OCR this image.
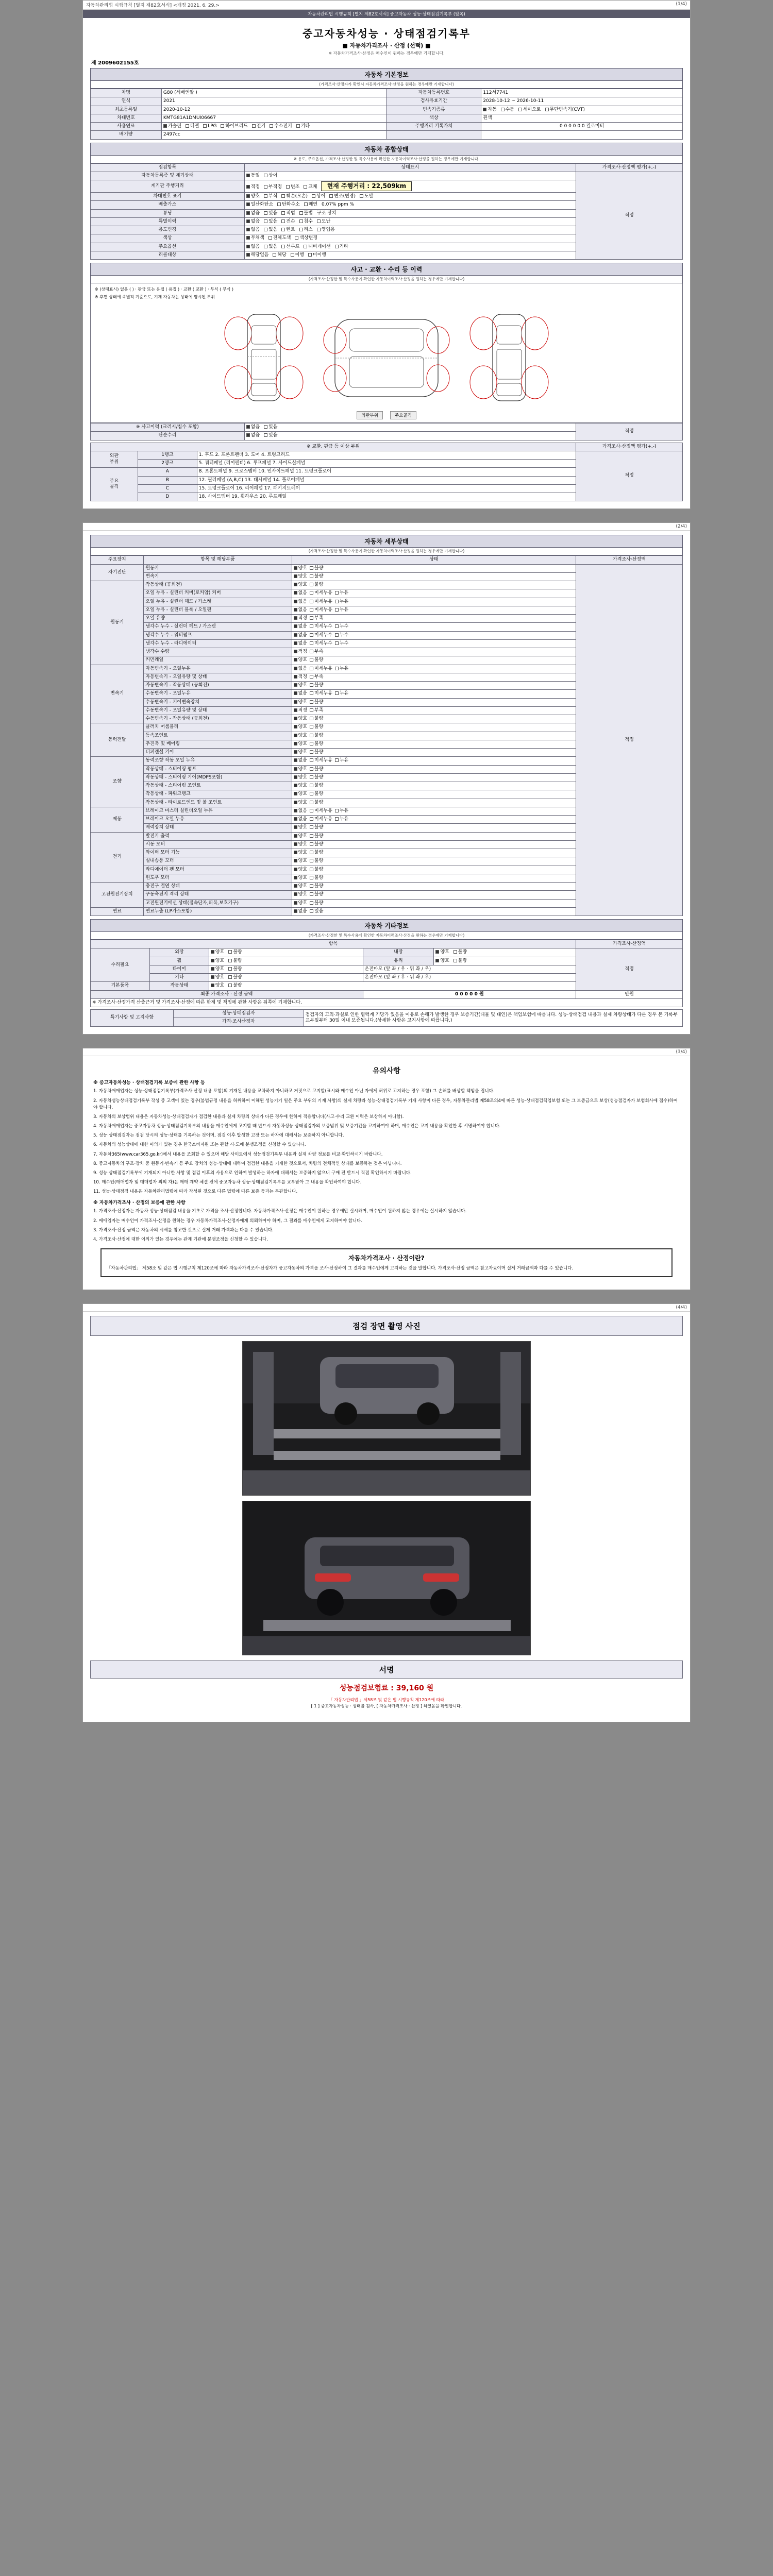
자동차관리법 시행규칙 [별지 제82호서식] <개정 2021. 6. 29.>	(1/4)
자동차관리법 시행규칙 [별지 제82호서식] 중고자동차 성능·상태점검기록부 (앞쪽)
중고자동차성능 · 상태점검기록부
■ 자동차가격조사 · 산정 (선택) ■
※ 자동차가격조사·산정은 매수인이 원하는 경우에만 기재합니다.
제 2009602155호
자동차 기본정보
(가격조사·산정자가 확인시 자동차가격조사·산정을 원하는 경우에만 기재합니다)
차명	G80 (세배엔알 )	자동차등록번호	112서7741
연식	2021	검사유효기간	2028-10-12 ~ 2026-10-11
최초등록일	2020-10-12	변속기종류	자동 수동 세미오토 무단변속기(CVT)
차대번호	KMTG81A1DMUI06667	색상	흰색
사용연료	가솔린 디젤 LPG 하이브리드 전기 수소전기 기타	주행거리 기록가치	0 0 0 0 0 0 킬로미터
배기량	2497cc		
자동차 종합상태
※ 용도, 주요옵션, 가격조사·산정한 및 특수사용에 확인한 자동차이력조사·산정을 원하는 경우에만 기재합니다.
점검항목	상태표시	가격조사·산정액 평가(+,-)
자동차등록증 및 계기상태	동일 상이	적정
계기판 주행거리	적정 부적정 변조 교체 현재 주행거리 : 22,509km	
차대번호 표기	양호 부식 훼손(오손) 상이 변조(변경) 도말	
배출가스	일산화탄소 탄화수소 매연 0.07% ppm %	
튜닝	없음 있음 적법 불법 구조 장치	
특별이력	없음 있음 전손 침수 도난	
용도변경	없음 있음 렌트 리스 영업용	
색상	무채색 전체도색 색상변경	
주요옵션	없음 있음 선루프 내비게이션 기타	
리콜대상	해당없음 해당 이행 미이행	
사고 · 교환 · 수리 등 이력
(가격조사·산정한 및 특수사용에 확인한 자동차이력조사·산정을 원하는 경우에만 기재합니다)
※ (상태표시) 없음 ( ) · 판금 또는 용접 ( 용접 ) · 교환 ( 교환 ) · 부식 ( 부식 )
※ 후면 상태에 속별적 기준으로, 기재 자동차는 상태에 명시된 부위
외판부위	주요골격
※ 사고이력 (크러시/침수 포함)	없음 있음	적정
단순수리	없음 있음	
※ 교환, 판금 등 이상 부위			가격조사·산정액 평가(+,-)
외판
부위	1랭크	1. 후드 2. 프론트펜더 3. 도어 4. 트렁크리드	적정
	2랭크	5. 쿼터패널 (리어펜더) 6. 루프패널 7. 사이드실패널	
주요
골격	A	8. 프론트패널 9. 크로스멤버 10. 인사이드패널 11. 트렁크플로어	
	B	12. 필러패널 (A,B,C) 13. 대시패널 14. 플로어패널	
	C	15. 트렁크플로어 16. 리어패널 17. 패키지트레이	
	D	18. 사이드멤버 19. 휠하우스 20. 루프레일	
(2/4)
자동차 세부상태
(가격조사·산정한 및 특수사용에 확인한 자동차이력조사·산정을 원하는 경우에만 기재합니다)
주요장치	항목 및 해당부품	상태	가격조사·산정액
자기진단	원동기	양호 불량	적정
	변속기	양호 불량	
원동기	작동상태 (공회전)	양호 불량	
	오일 누유 - 실린더 커버(로커암) 커버	없음 미세누유 누유	
	오일 누유 - 실린더 헤드 / 가스켓	없음 미세누유 누유	
	오일 누유 - 실린더 블록 / 오일팬	없음 미세누유 누유	
	오일 유량	적정 부족	
	냉각수 누수 - 실린더 헤드 / 가스켓	없음 미세누수 누수	
	냉각수 누수 - 워터펌프	없음 미세누수 누수	
	냉각수 누수 - 라디에이터	없음 미세누수 누수	
	냉각수 수량	적정 부족	
	커먼레일	양호 불량	
변속기	자동변속기 - 오일누유	없음 미세누유 누유	
	자동변속기 - 오일유량 및 상태	적정 부족	
	자동변속기 - 작동상태 (공회전)	양호 불량	
	수동변속기 - 오일누유	없음 미세누유 누유	
	수동변속기 - 기어변속장치	양호 불량	
	수동변속기 - 오일유량 및 상태	적정 부족	
	수동변속기 - 작동상태 (공회전)	양호 불량	
동력전달	클러치 어셈블리	양호 불량	
	등속조인트	양호 불량	
	추진축 및 베어링	양호 불량	
	디퍼렌셜 기어	양호 불량	
조향	동력조향 작동 오일 누유	없음 미세누유 누유	
	작동상태 - 스티어링 펌프	양호 불량	
	작동상태 - 스티어링 기어(MDPS포함)	양호 불량	
	작동상태 - 스티어링 조인트	양호 불량	
	작동상태 - 파워크랭크	양호 불량	
	작동상태 - 타이로드엔드 및 볼 조인트	양호 불량	
제동	브레이크 마스터 실린더오일 누유	없음 미세누유 누유	
	브레이크 오일 누유	없음 미세누유 누유	
	배력장치 상태	양호 불량	
전기	발전기 출력	양호 불량	
	시동 모터	양호 불량	
	와이퍼 모터 기능	양호 불량	
	실내송풍 모터	양호 불량	
	라디에이터 팬 모터	양호 불량	
	윈도우 모터	양호 불량	
고전원전기장치	충전구 절연 상태	양호 불량	
	구동축전지 격리 상태	양호 불량	
	고전원전기배선 상태(접속단자,피복,보호기구)	양호 불량	
연료	연료누출 (LP가스포함)	없음 있음	
자동차 기타정보
(가격조사·산정한 및 특수사용에 확인한 자동차이력조사·산정을 원하는 경우에만 기재합니다)
항목					가격조사·산정액
수리필요	외장	양호 불량	내장	양호 불량	적정
	휠	양호 불량	유리	양호 불량	
	타이어	양호 불량	온전마모 (앞 좌 / 우 · 뒤 좌 / 우)		
	기타	양호 불량	온전마모 (앞 좌 / 우 · 뒤 좌 / 우)		
기본품목	작동상태	양호 불량			
최종 가격조사 · 산정 금액			0 0 0 0 0 원		만원
※ 가격조사·산정가격 산출근거 및 가격조사·산정에 따른 한계 및 책임에 관한 사항은 뒤쪽에 기재합니다.					
특기사항 및 고지사항	성능·상태점검자	점검자의 고의·과실로 인한 협력계 기망가 있음을 이유로 손해가 발생한 경우 보증기간(대물 및 대인)은 책임보험에 따릅니다. 성능·상태점검 내용과 실제 차량상태가 다른 경우 본 기록부 교부일부터 30일 이내 보증됩니다.(상세한 사항은 고지사항에 따릅니다.)
가격·조사산정자
(3/4)
유의사항
※ 중고자동차성능 · 상태점검기록 보증에 관한 사항 등

1. 자동차매매업자는 성능·상태점검기록부(가격조사·산정 내용 포함)의 기재된 내용을 교차하지 아니하고 거짓으로 고지할(표시와 매수인 아닌 자에게 허위로 고지하는 경우 포함) 그 손해를 배상할 책임을 집니다.

2. 자동차성능상태점검기록부 작성 중 고객이 있는 경우(불법규정 내용을 허위하여 이해된 성능기기 일은 주요 부위의 기재 사항)의 실제 차량과 성능·상태점검기록부 기재 사항이 다른 경우, 자동차관리법 제58조의4에 따른 성능·상태점검책임보험 또는 그 보증금으로 보상(성능점검자가 보험회사에 접수)하여야 합니다.

3. 자동차의 보상범위 내용은 자동차성능·상태점검자가 점검한 내용과 실제 차량의 상태가 다른 경우에 한하여 적용합니다(사고·수리·교환 이력은 보상하지 아니함).

4. 자동차매매업자는 중고자동차 성능·상태점검기록부의 내용을 매수인에게 고지할 때 반드시 자동차성능·상태점검자의 보증범위 및 보증기간을 고지하여야 하며, 매수인은 고지 내용을 확인한 후 서명하여야 합니다.

5. 성능·상태점검자는 점검 당시의 성능·상태를 기록하는 것이며, 점검 이후 발생한 고장 또는 하자에 대해서는 보증하지 아니합니다.

6. 자동차의 성능상태에 대한 이의가 있는 경우 한국소비자원 또는 관할 시·도에 분쟁조정을 신청할 수 있습니다.

7. 자동차365(www.car365.go.kr)에서 내용을 조회할 수 있으며 해당 사이트에서 성능점검기록부 내용과 실제 차량 정보를 비교·확인하시기 바랍니다.

8. 중고자동차의 구조·장치 중 원동기·변속기 등 주요 장치의 성능·상태에 대하여 점검한 내용을 기재한 것으로서, 차량의 전체적인 상태를 보증하는 것은 아닙니다.

9. 성능·상태점검기록부에 기재되지 아니한 사항 및 점검 이후의 사용으로 인하여 발생하는 하자에 대해서는 보증하지 않으니 구매 전 반드시 직접 확인하시기 바랍니다.

10. 매수인(매매업자 및 매매업자 외의 자)은 매매 계약 체결 전에 중고자동차 성능·상태점검기록부를 교부받아 그 내용을 확인하여야 합니다.

11. 성능·상태점검 내용은 자동차관리법령에 따라 작성된 것으로 다른 법령에 따른 보증 등과는 무관합니다.

※ 자동차가격조사 · 산정의 보증에 관한 사항

1. 가격조사·산정자는 자동차 성능·상태점검 내용을 기초로 가격을 조사·산정합니다. 자동차가격조사·산정은 매수인이 원하는 경우에만 실시하며, 매수인이 원하지 않는 경우에는 실시하지 않습니다.

2. 매매업자는 매수인이 가격조사·산정을 원하는 경우 자동차가격조사·산정자에게 의뢰하여야 하며, 그 결과를 매수인에게 고지하여야 합니다.

3. 가격조사·산정 금액은 자동차의 시세를 참고한 것으로 실제 거래 가격과는 다를 수 있습니다.

4. 가격조사·산정에 대한 이의가 있는 경우에는 관계 기관에 분쟁조정을 신청할 수 있습니다.

자동차가격조사 · 산정이란?
「자동차관리법」 제58조 및 같은 법 시행규칙 제120조에 따라 자동차가격조사·산정자가 중고자동차의 가격을 조사·산정하여 그 결과를 매수인에게 고지하는 것을 말합니다. 가격조사·산정 금액은 참고자료이며 실제 거래금액과 다를 수 있습니다.
(4/4)
점검 장면 촬영 사진
서명
성능점검보험료 : 39,160 원
「 자동차관리법 」제58조 및 같은 법 시행규칙 제120조에 따라
[ 1 ] 중고자동차성능 · 상태를 검사, [ 자동차가격조사 · 산정 ] 하였음을 확인합니다.
